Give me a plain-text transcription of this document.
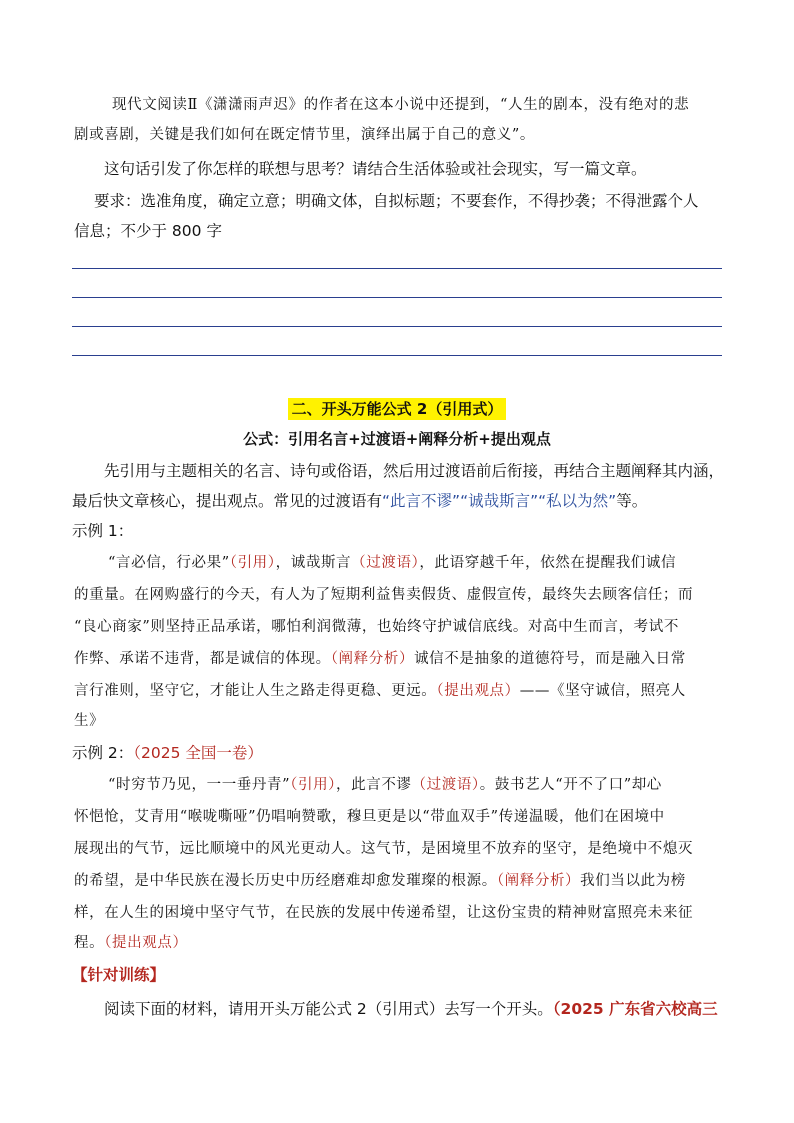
现代文阅读Ⅱ《潇潇雨声迟》的作者在这本小说中还提到，“人生的剧本，没有绝对的悲
剧或喜剧，关键是我们如何在既定情节里，演绎出属于自己的意义”。
这句话引发了你怎样的联想与思考？请结合生活体验或社会现实，写一篇文章。
要求：选准角度，确定立意；明确文体，自拟标题；不要套作，不得抄袭；不得泄露个人
信息；不少于 800 字
二、开头万能公式 2（引用式）
公式：引用名言+过渡语+阐释分析+提出观点
先引用与主题相关的名言、诗句或俗语，然后用过渡语前后衔接，再结合主题阐释其内涵，
最后快文章核心，提出观点。常见的过渡语有“此言不谬”“诚哉斯言”“私以为然”等。
示例 1：
“言必信，行必果”（引用），诚哉斯言（过渡语），此语穿越千年，依然在提醒我们诚信
的重量。在网购盛行的今天，有人为了短期利益售卖假货、虚假宣传，最终失去顾客信任；而
“良心商家”则坚持正品承诺，哪怕利润微薄，也始终守护诚信底线。对高中生而言，考试不
作弊、承诺不违背，都是诚信的体现。（阐释分析）诚信不是抽象的道德符号，而是融入日常
言行准则，坚守它，才能让人生之路走得更稳、更远。（提出观点）——《坚守诚信，照亮人
生》
示例 2：（2025 全国一卷）
“时穷节乃见，一一垂丹青”（引用），此言不谬（过渡语）。鼓书艺人“开不了口”却心
怀悒怆，艾青用“喉咙嘶哑”仍唱响赞歌，穆旦更是以“带血双手”传递温暖，他们在困境中
展现出的气节，远比顺境中的风光更动人。这气节，是困境里不放弃的坚守，是绝境中不熄灭
的希望，是中华民族在漫长历史中历经磨难却愈发璀璨的根源。（阐释分析）我们当以此为榜
样，在人生的困境中坚守气节，在民族的发展中传递希望，让这份宝贵的精神财富照亮未来征
程。（提出观点）
【针对训练】
阅读下面的材料，请用开头万能公式 2（引用式）去写一个开头。（2025 广东省六校高三
